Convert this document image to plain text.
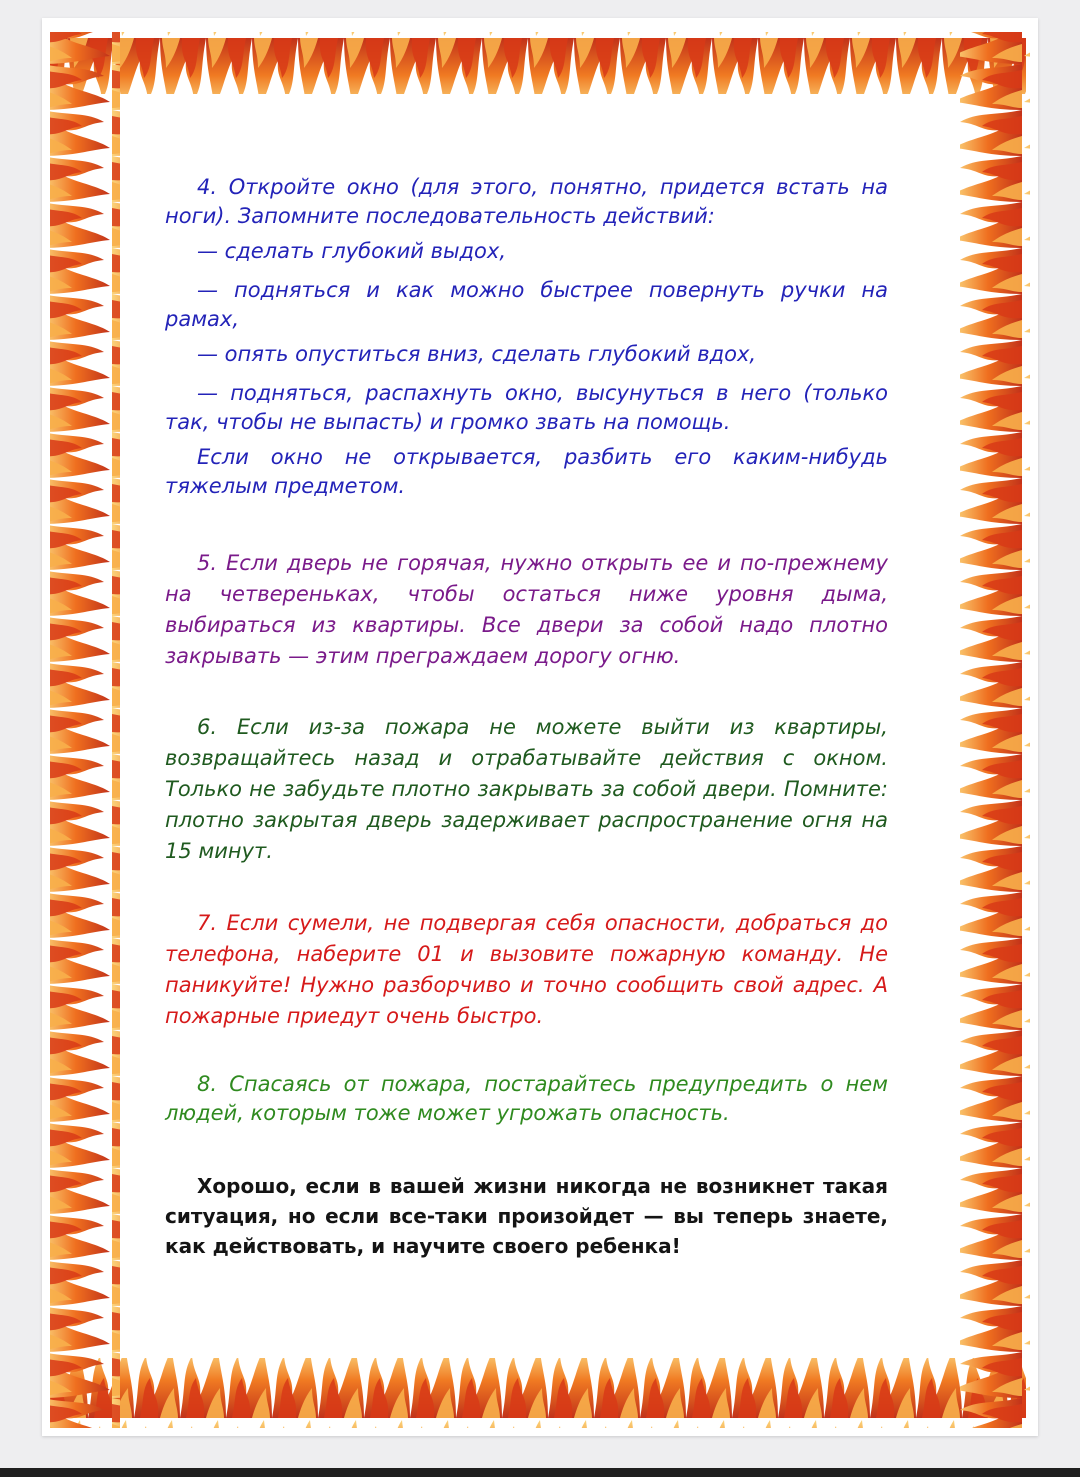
4. Откройте окно (для этого, понятно, придется встать на ноги). Запомните последовательность действий:

— сделать глубокий выдох,

— подняться и как можно быстрее повернуть ручки на рамах,

— опять опуститься вниз, сделать глубокий вдох,

— подняться, распахнуть окно, высунуться в него (только так, чтобы не выпасть) и громко звать на помощь.

Если окно не открывается, разбить его каким-нибудь тяжелым предметом.

5. Если дверь не горячая, нужно открыть ее и по-прежнему на четвереньках, чтобы остаться ниже уровня дыма, выбираться из квартиры. Все двери за собой надо плотно закрывать — этим преграждаем дорогу огню.

6. Если из-за пожара не можете выйти из квартиры, возвращайтесь назад и отрабатывайте действия с окном. Только не забудьте плотно закрывать за собой двери. Помните: плотно закрытая дверь задерживает распространение огня на 15 минут.

7. Если сумели, не подвергая себя опасности, добраться до телефона, наберите 01 и вызовите пожарную команду. Не паникуйте! Нужно разборчиво и точно сообщить свой адрес. А пожарные приедут очень быстро.

8. Спасаясь от пожара, постарайтесь предупредить о нем людей, которым тоже может угрожать опасность.

Хорошо, если в вашей жизни никогда не возникнет такая ситуация, но если все-таки произойдет — вы теперь знаете, как действовать, и научите своего ребенка!
